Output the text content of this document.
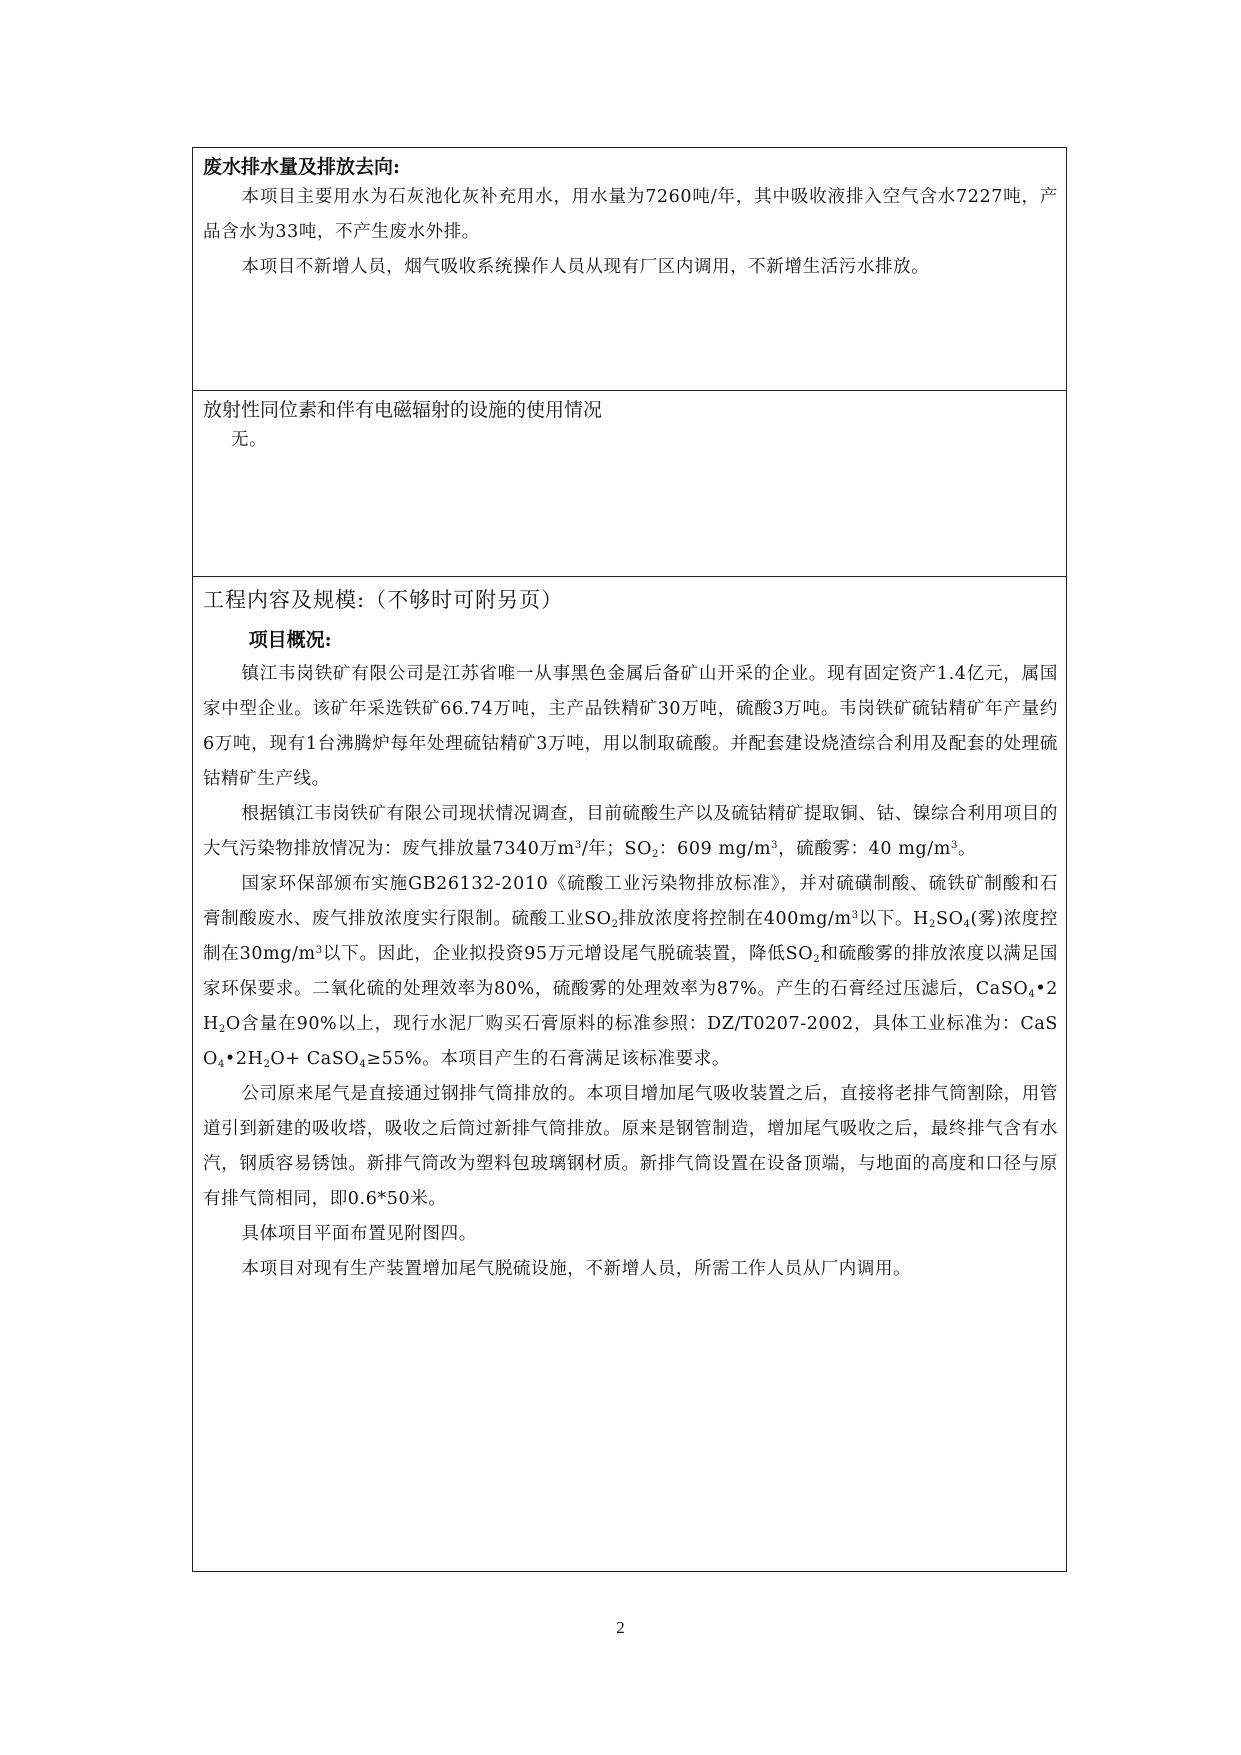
废水排水量及排放去向:

本项目主要用水为石灰池化灰补充用水，用水量为7260吨/年，其中吸收液排入空气含水7227吨，产品含水为33吨，不产生废水外排。

本项目不新增人员，烟气吸收系统操作人员从现有厂区内调用，不新增生活污水排放。

放射性同位素和伴有电磁辐射的设施的使用情况

无。

工程内容及规模:（不够时可附另页）

项目概况:

镇江韦岗铁矿有限公司是江苏省唯一从事黑色金属后备矿山开采的企业。现有固定资产1.4亿元，属国家中型企业。该矿年采选铁矿66.74万吨，主产品铁精矿30万吨，硫酸3万吨。韦岗铁矿硫钴精矿年产量约6万吨，现有1台沸腾炉每年处理硫钴精矿3万吨，用以制取硫酸。并配套建设烧渣综合利用及配套的处理硫钴精矿生产线。

根据镇江韦岗铁矿有限公司现状情况调查，目前硫酸生产以及硫钴精矿提取铜、钴、镍综合利用项目的大气污染物排放情况为：废气排放量7340万$m^3/$年；$SO_2$：609 $mg/m^3$，硫酸雾：40 $mg/m^3$。

国家环保部颁布实施GB26132-2010《硫酸工业污染物排放标准》，并对硫磺制酸、硫铁矿制酸和石膏制酸废水、废气排放浓度实行限制。硫酸工业$SO_2$排放浓度将控制在$400mg/m^3$以下。$H_2SO_4$(雾)浓度控制在$30mg/m^3$以下。因此，企业拟投资95万元增设尾气脱硫装置，降低$SO_2$和硫酸雾的排放浓度以满足国家环保要求。二氧化硫的处理效率为80%，硫酸雾的处理效率为87%。产生的石膏经过压滤后，$CaSO_4•2H_2O$含量在90%以上，现行水泥厂购买石膏原料的标准参照：DZ/T0207-2002，具体工业标准为：$CaSO_4•2H_2O+$ CaSO$_4$≥55%。本项目产生的石膏满足该标准要求。

公司原来尾气是直接通过钢排气筒排放的。本项目增加尾气吸收装置之后，直接将老排气筒割除，用管道引到新建的吸收塔，吸收之后筒过新排气筒排放。原来是钢管制造，增加尾气吸收之后，最终排气含有水汽，钢质容易锈蚀。新排气筒改为塑料包玻璃钢材质。新排气筒设置在设备顶端，与地面的高度和口径与原有排气筒相同，即0.6*50米。

具体项目平面布置见附图四。

本项目对现有生产装置增加尾气脱硫设施，不新增人员，所需工作人员从厂内调用。

2
